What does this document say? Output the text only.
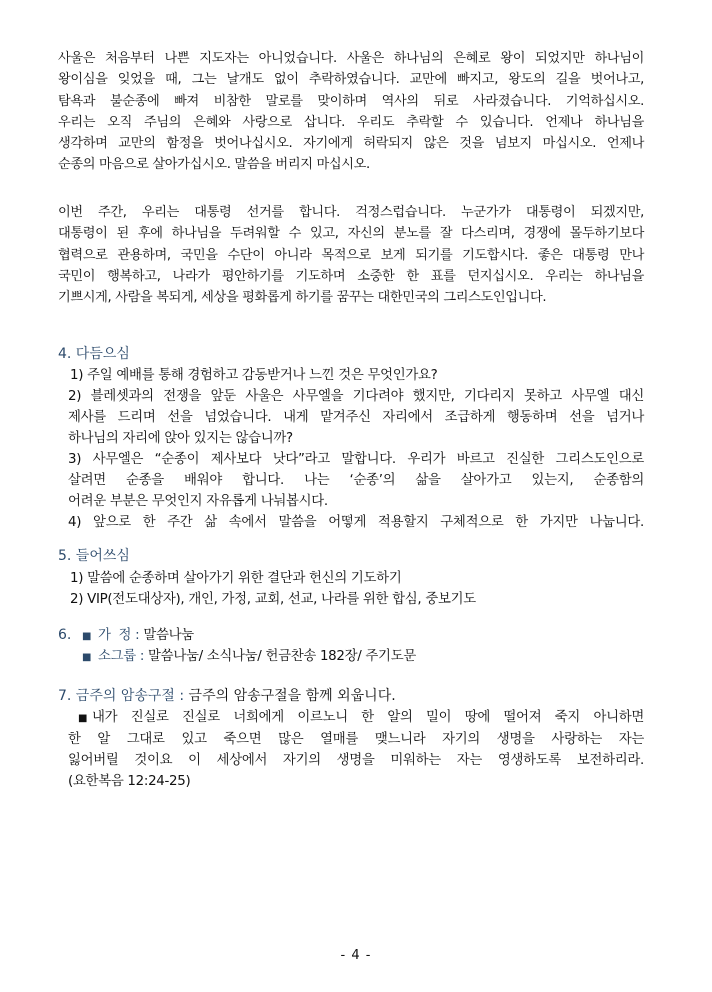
사울은 처음부터 나쁜 지도자는 아니었습니다. 사울은 하나님의 은혜로 왕이 되었지만 하나님이
왕이심을 잊었을 때, 그는 날개도 없이 추락하였습니다. 교만에 빠지고, 왕도의 길을 벗어나고,
탐욕과 불순종에 빠져 비참한 말로를 맞이하며 역사의 뒤로 사라졌습니다. 기억하십시오.
우리는 오직 주님의 은혜와 사랑으로 삽니다. 우리도 추락할 수 있습니다. 언제나 하나님을
생각하며 교만의 함정을 벗어나십시오. 자기에게 허락되지 않은 것을 넘보지 마십시오. 언제나
순종의 마음으로 살아가십시오. 말씀을 버리지 마십시오.
이번 주간, 우리는 대통령 선거를 합니다. 걱정스럽습니다. 누군가가 대통령이 되겠지만,
대통령이 된 후에 하나님을 두려워할 수 있고, 자신의 분노를 잘 다스리며, 경쟁에 몰두하기보다
협력으로 관용하며, 국민을 수단이 아니라 목적으로 보게 되기를 기도합시다. 좋은 대통령 만나
국민이 행복하고, 나라가 평안하기를 기도하며 소중한 한 표를 던지십시오. 우리는 하나님을
기쁘시게, 사람을 복되게, 세상을 평화롭게 하기를 꿈꾸는 대한민국의 그리스도인입니다.
4. 다듬으심
1) 주일 예배를 통해 경험하고 감동받거나 느낀 것은 무엇인가요?
2) 블레셋과의 전쟁을 앞둔 사울은 사무엘을 기다려야 했지만, 기다리지 못하고 사무엘 대신
제사를 드리며 선을 넘었습니다. 내게 맡겨주신 자리에서 조급하게 행동하며 선을 넘거나
하나님의 자리에 앉아 있지는 않습니까?
3) 사무엘은 “순종이 제사보다 낫다”라고 말합니다. 우리가 바르고 진실한 그리스도인으로
살려면 순종을 배워야 합니다. 나는 ‘순종’의 삶을 살아가고 있는지, 순종함의
어려운 부분은 무엇인지 자유롭게 나눠봅시다.
4) 앞으로 한 주간 삶 속에서 말씀을 어떻게 적용할지 구체적으로 한 가지만 나눕니다.
5. 들어쓰심
1) 말씀에 순종하며 살아가기 위한 결단과 헌신의 기도하기
2) VIP(전도대상자), 개인, 가정, 교회, 선교, 나라를 위한 합심, 중보기도
6. ■ 가  정 : 말씀나눔
■ 소그룹 : 말씀나눔/ 소식나눔/ 헌금찬송 182장/ 주기도문
7. 금주의 암송구절 : 금주의 암송구절을 함께 외웁니다.
■ 내가 진실로 진실로 너희에게 이르노니 한 알의 밀이 땅에 떨어져 죽지 아니하면
한 알 그대로 있고 죽으면 많은 열매를 맺느니라 자기의 생명을 사랑하는 자는
잃어버릴 것이요 이 세상에서 자기의 생명을 미워하는 자는 영생하도록 보전하리라.
(요한복음 12:24-25)
- 4 -
